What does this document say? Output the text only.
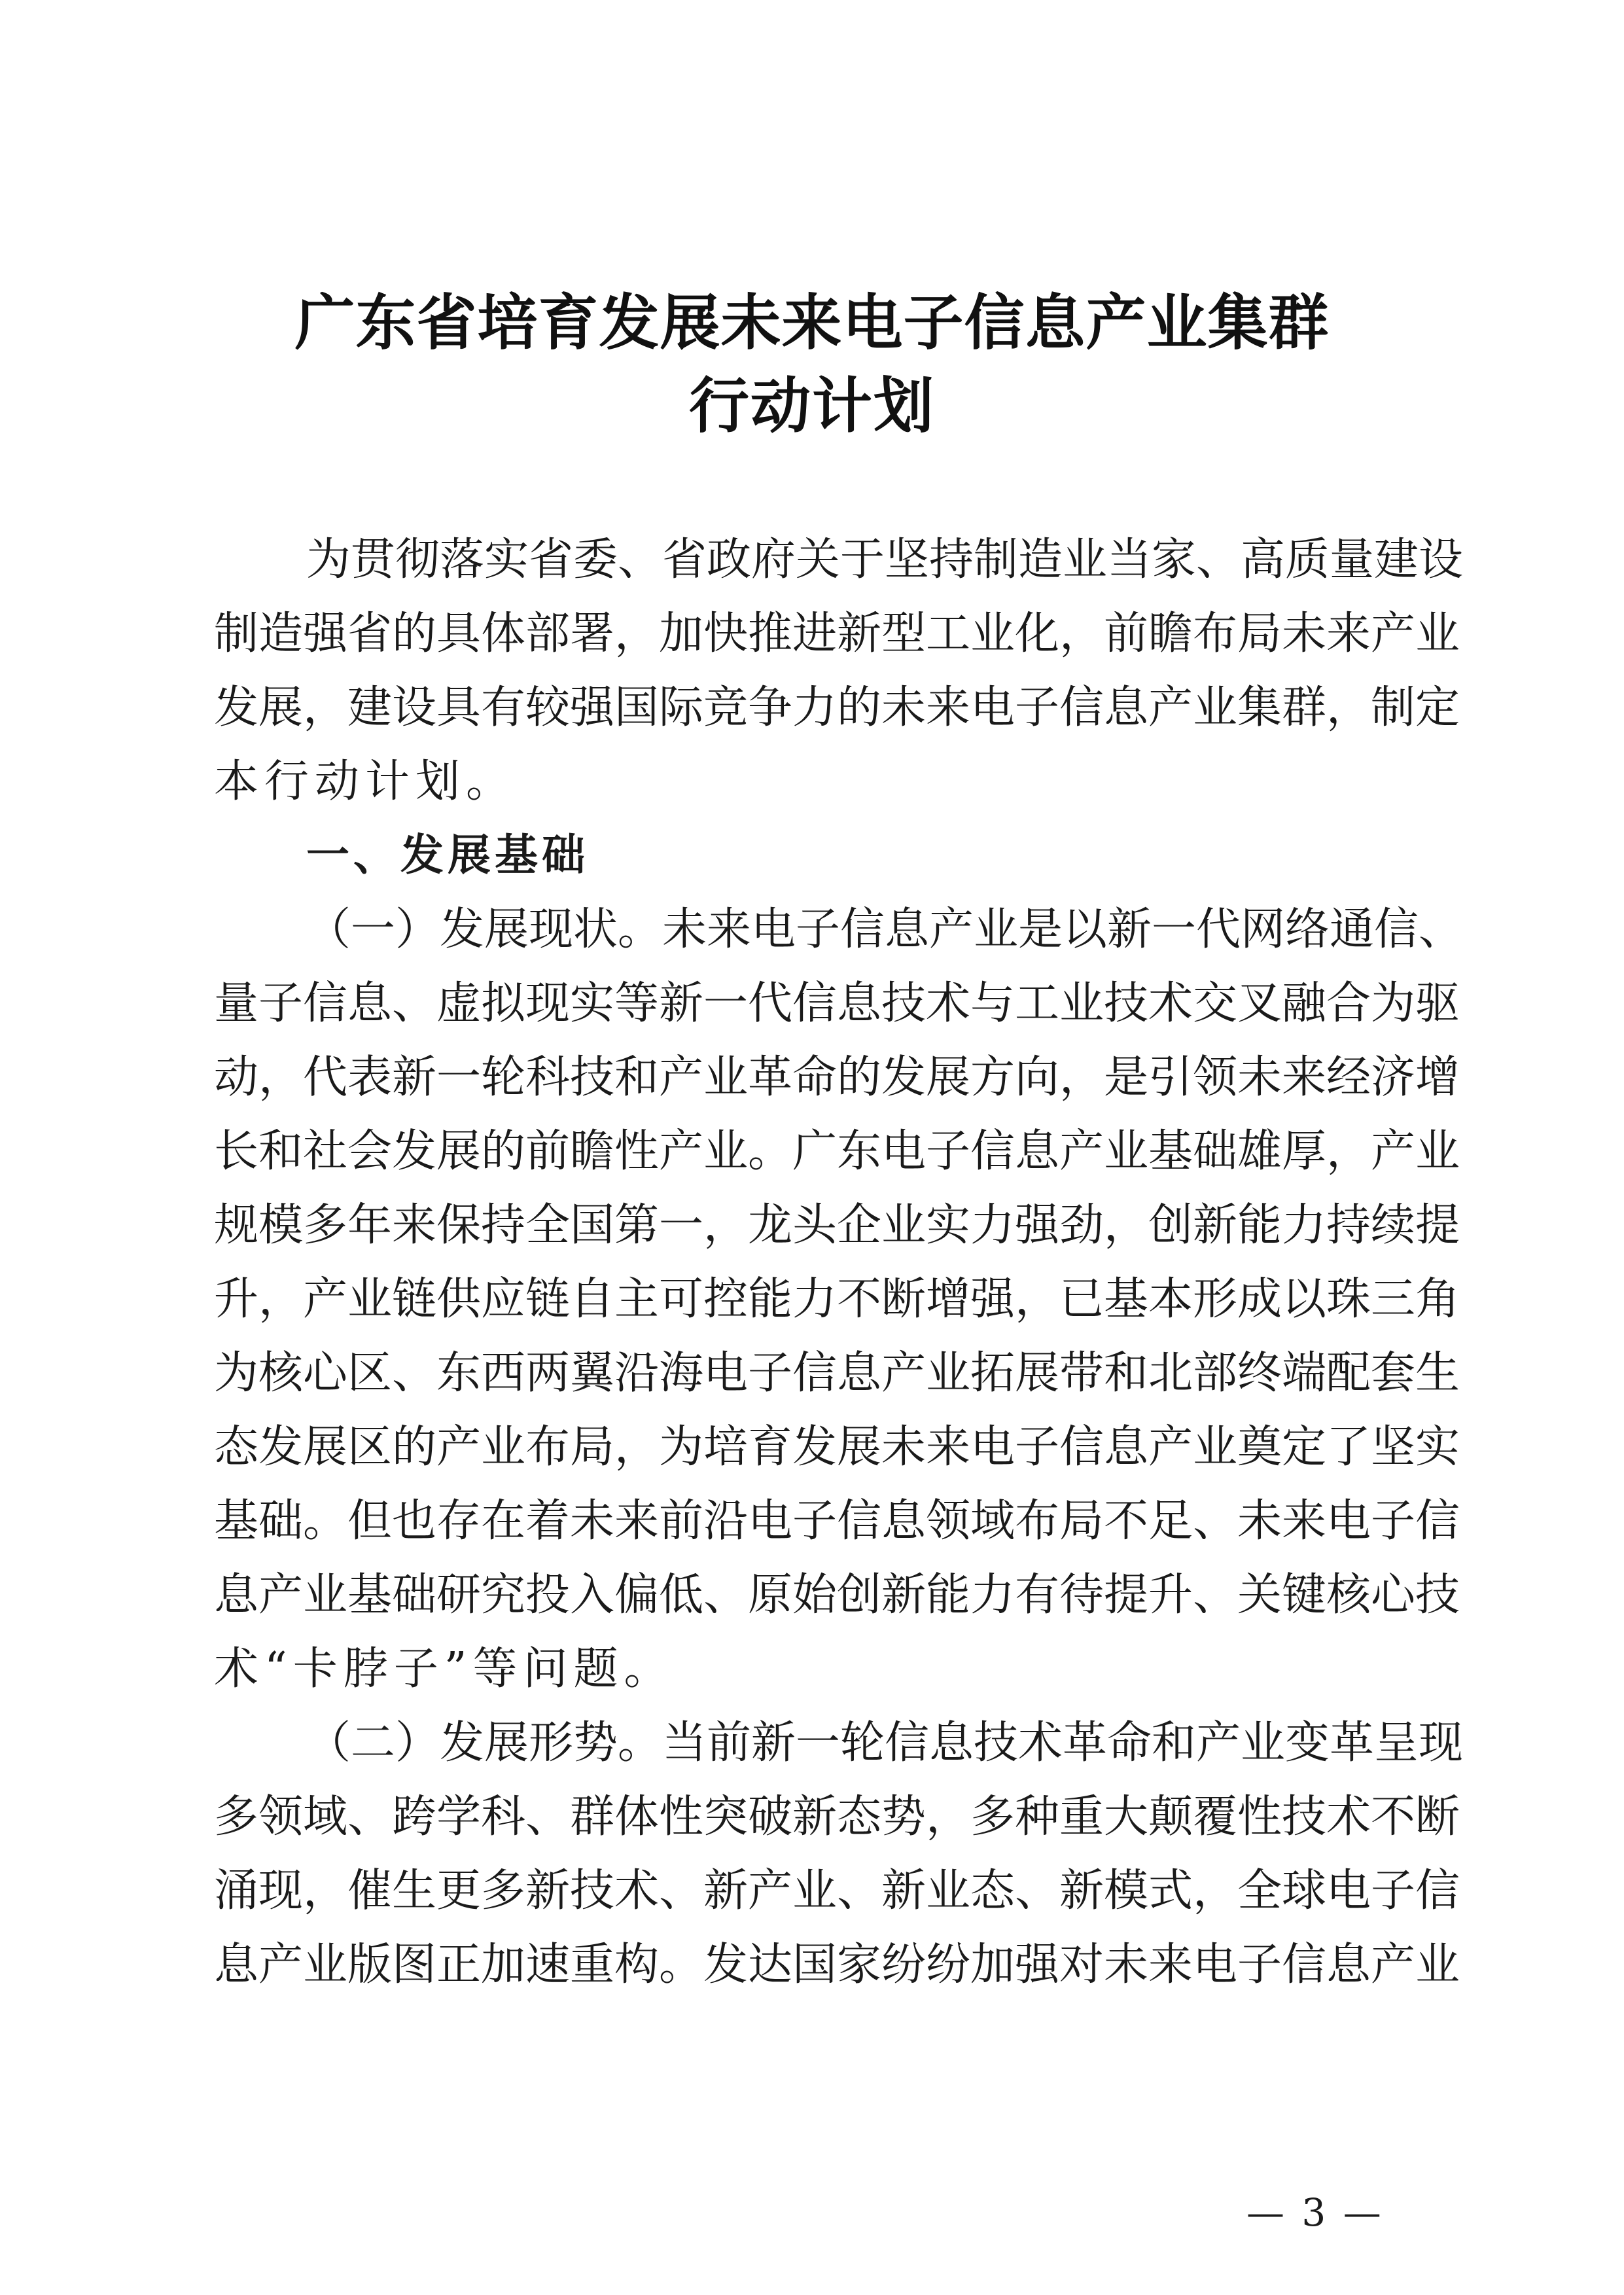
广东省培育发展未来电子信息产业集群
行动计划
为贯彻落实省委、省政府关于坚持制造业当家、高质量建设
制造强省的具体部署，加快推进新型工业化，前瞻布局未来产业
发展，建设具有较强国际竞争力的未来电子信息产业集群，制定
本行动计划。
一、发展基础
（一）发展现状。未来电子信息产业是以新一代网络通信、
量子信息、虚拟现实等新一代信息技术与工业技术交叉融合为驱
动，代表新一轮科技和产业革命的发展方向，是引领未来经济增
长和社会发展的前瞻性产业。广东电子信息产业基础雄厚，产业
规模多年来保持全国第一，龙头企业实力强劲，创新能力持续提
升，产业链供应链自主可控能力不断增强，已基本形成以珠三角
为核心区、东西两翼沿海电子信息产业拓展带和北部终端配套生
态发展区的产业布局，为培育发展未来电子信息产业奠定了坚实
基础。但也存在着未来前沿电子信息领域布局不足、未来电子信
息产业基础研究投入偏低、原始创新能力有待提升、关键核心技
术“卡脖子”等问题。
（二）发展形势。当前新一轮信息技术革命和产业变革呈现
多领域、跨学科、群体性突破新态势，多种重大颠覆性技术不断
涌现，催生更多新技术、新产业、新业态、新模式，全球电子信
息产业版图正加速重构。发达国家纷纷加强对未来电子信息产业
— 3 —
